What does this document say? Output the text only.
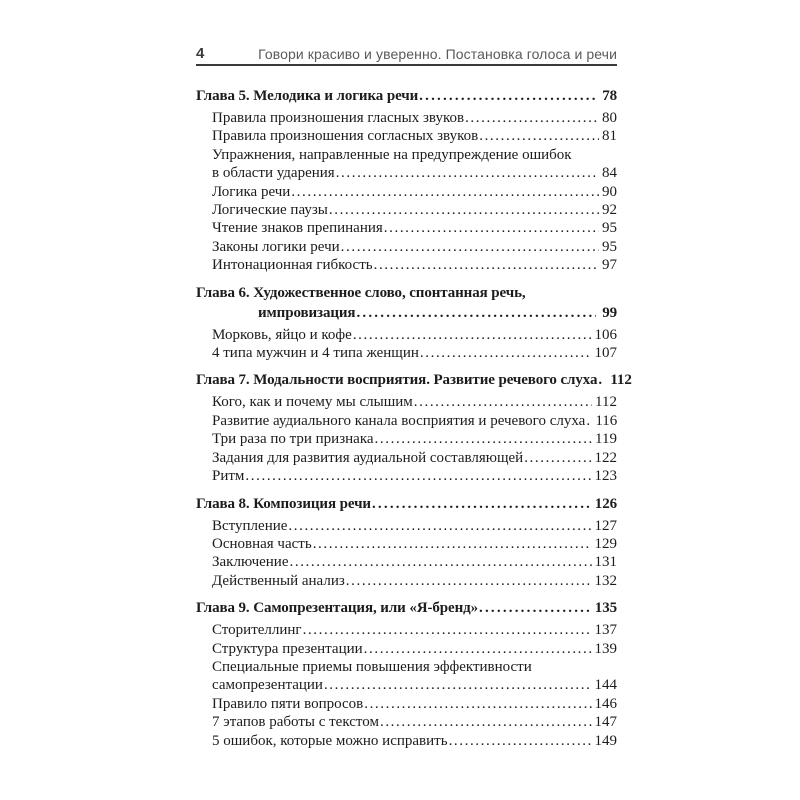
4	Говори красиво и уверенно. Постановка голоса и речи
Глава 5. Мелодика и логика речи .....	78
Правила произношения гласных звуков .....	80
Правила произношения согласных звуков .....	81
Упражнения, направленные на предупреждение ошибок
в области ударения .....	84
Логика речи .....	90
Логические паузы .....	92
Чтение знаков препинания .....	95
Законы логики речи .....	95
Интонационная гибкость .....	97
Глава 6. Художественное слово, спонтанная речь,
импровизация .....	99
Морковь, яйцо и кофе .....	106
4 типа мужчин и 4 типа женщин .....	107
Глава 7. Модальности восприятия. Развитие речевого слуха ..... 112
Кого, как и почему мы слышим .....	112
Развитие аудиального канала восприятия и речевого слуха ..... 116
Три раза по три признака .....	119
Задания для развития аудиальной составляющей .....	122
Ритм .....	123
Глава 8. Композиция речи .....	126
Вступление .....	127
Основная часть .....	129
Заключение .....	131
Действенный анализ .....	132
Глава 9. Самопрезентация, или «Я-бренд» .....	135
Сторителлинг .....	137
Структура презентации .....	139
Специальные приемы повышения эффективности
самопрезентации .....	144
Правило пяти вопросов .....	146
7 этапов работы с текстом .....	147
5 ошибок, которые можно исправить .....	149
